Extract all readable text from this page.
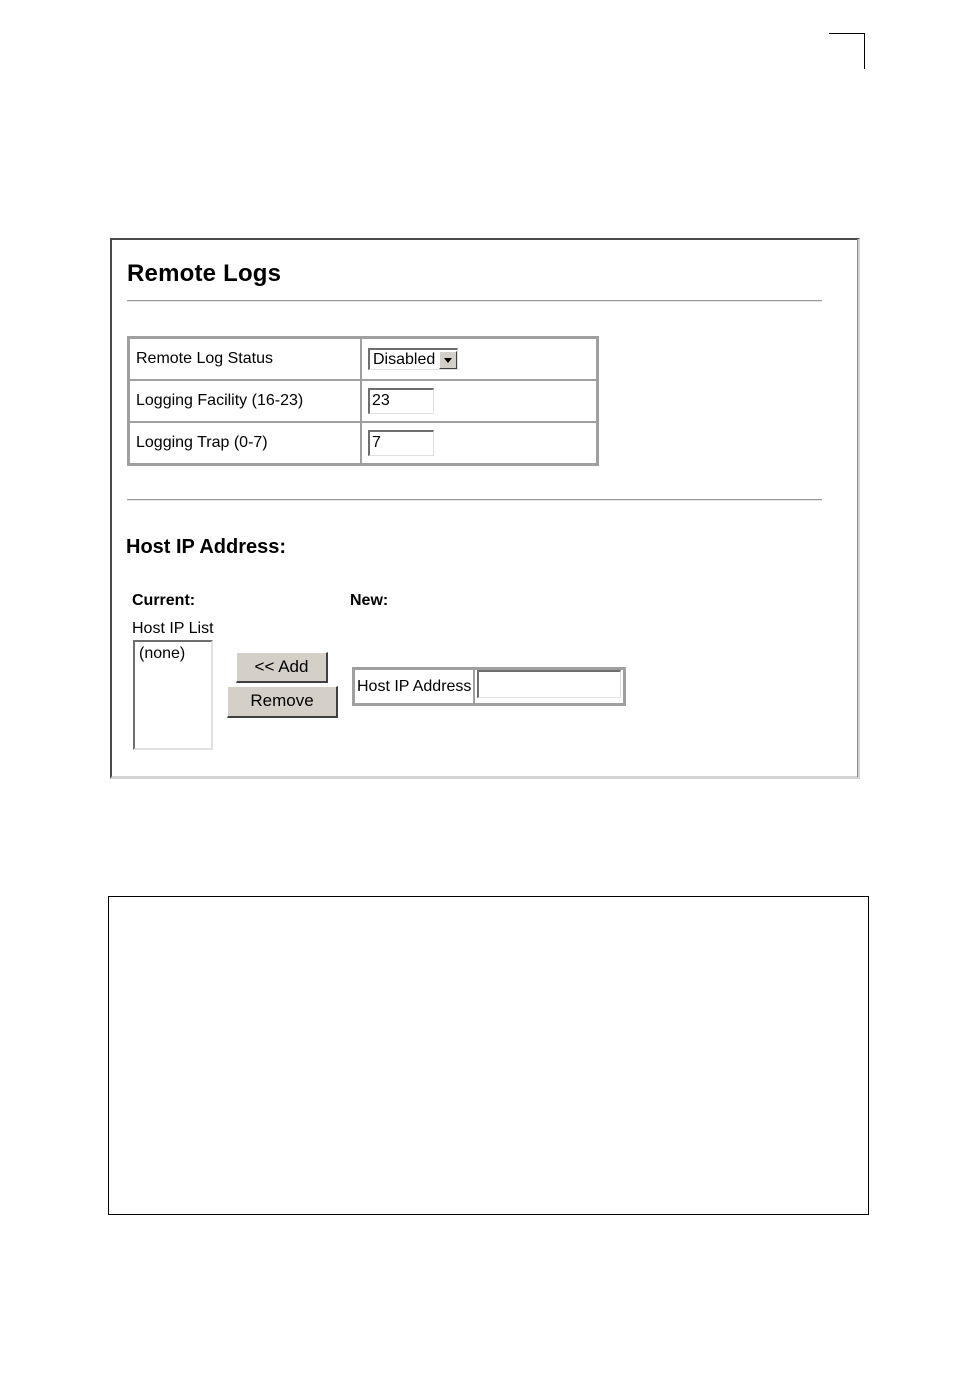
Remote Logs
Remote Log Status	Disabled

Logging Facility (16-23)	23
Logging Trap (0-7)	7
Host IP Address:
Current:	New:
Host IP List
(none)
<< Add
Remove
Host IP Address	
